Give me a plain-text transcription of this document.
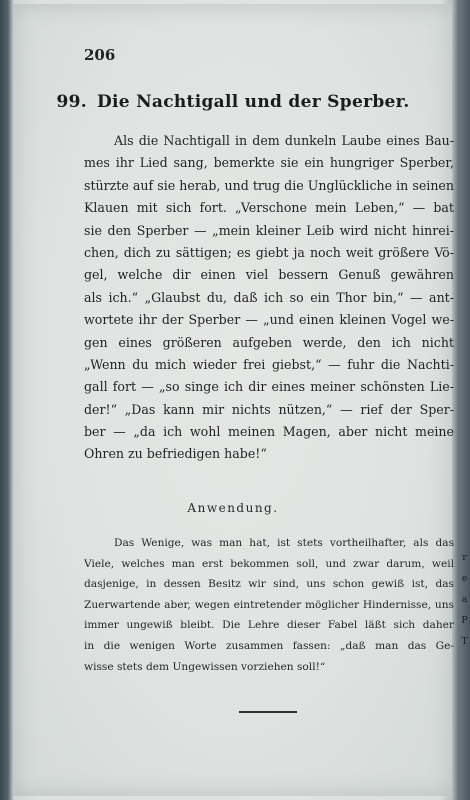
206
99. Die Nachtigall und der Sperber.
Als die Nachtigall in dem dunkeln Laube eines Bau-
mes ihr Lied sang, bemerkte sie ein hungriger Sperber,
stürzte auf sie herab, und trug die Unglückliche in seinen
Klauen mit sich fort. „Verschone mein Leben,“ — bat
sie den Sperber — „mein kleiner Leib wird nicht hinrei-
chen, dich zu sättigen; es giebt ja noch weit größere Vö-
gel, welche dir einen viel bessern Genuß gewähren
als ich.“ „Glaubst du, daß ich so ein Thor bin,“ — ant-
wortete ihr der Sperber — „und einen kleinen Vogel we-
gen eines größeren aufgeben werde, den ich nicht
„Wenn du mich wieder frei giebst,“ — fuhr die Nachti-
gall fort — „so singe ich dir eines meiner schönsten Lie-
der!“ „Das kann mir nichts nützen,“ — rief der Sper-
ber — „da ich wohl meinen Magen, aber nicht meine
Ohren zu befriedigen habe!“
Anwendung.
Das Wenige, was man hat, ist stets vortheilhafter, als das
Viele, welches man erst bekommen soll, und zwar darum, weil
dasjenige, in dessen Besitz wir sind, uns schon gewiß ist, das
Zuerwartende aber, wegen eintretender möglicher Hindernisse, uns
immer ungewiß bleibt. Die Lehre dieser Fabel läßt sich daher
in die wenigen Worte zusammen fassen: „daß man das Ge-
wisse stets dem Ungewissen vorziehen soll!“
r
e
a
P
T
